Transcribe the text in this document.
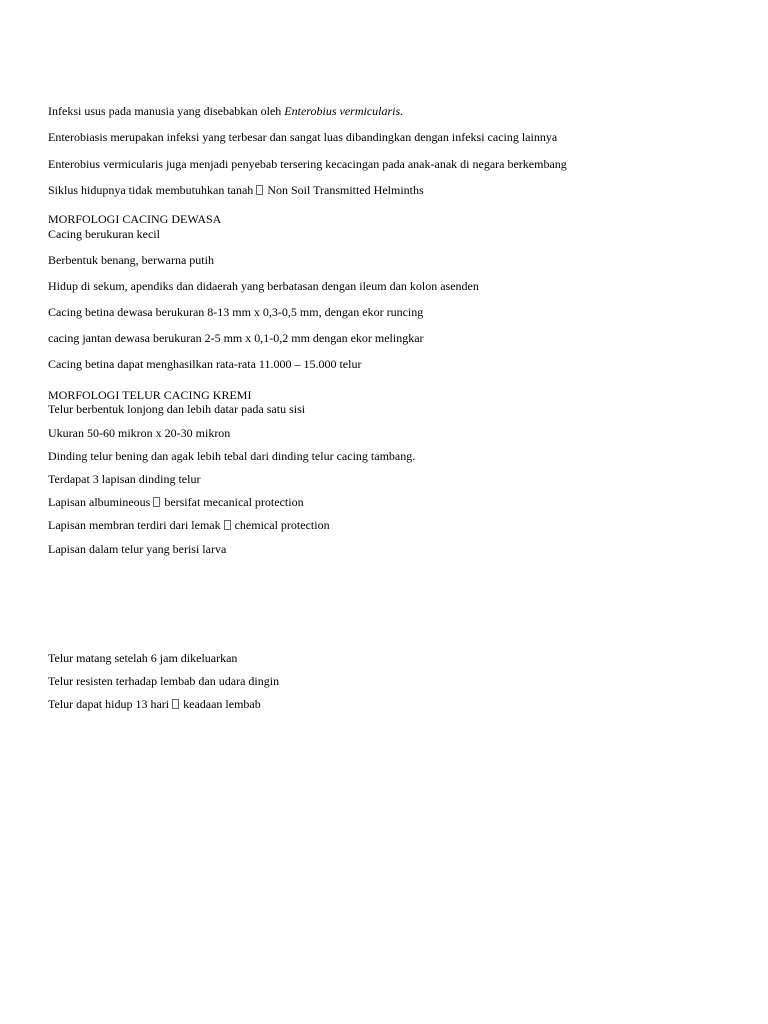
Infeksi usus pada manusia yang disebabkan oleh Enterobius vermicularis.
Enterobiasis merupakan infeksi yang terbesar dan sangat luas dibandingkan dengan infeksi cacing lainnya
Enterobius vermicularis juga menjadi penyebab tersering kecacingan pada anak-anak di negara berkembang
Siklus hidupnya tidak membutuhkan tanah Non Soil Transmitted Helminths
MORFOLOGI CACING DEWASA
Cacing berukuran kecil
Berbentuk benang, berwarna putih
Hidup di sekum, apendiks dan didaerah yang berbatasan dengan ileum dan kolon asenden
Cacing betina dewasa berukuran 8-13 mm x 0,3-0,5 mm, dengan ekor runcing
cacing jantan dewasa berukuran 2-5 mm x 0,1-0,2 mm dengan ekor melingkar
Cacing betina dapat menghasilkan rata-rata 11.000 – 15.000 telur
MORFOLOGI TELUR CACING KREMI
Telur berbentuk lonjong dan lebih datar pada satu sisi
Ukuran 50-60 mikron x 20-30 mikron
Dinding telur bening dan agak lebih tebal dari dinding telur cacing tambang.
Terdapat 3 lapisan dinding telur
Lapisan albumineous bersifat mecanical protection
Lapisan membran terdiri dari lemak chemical protection
Lapisan dalam telur yang berisi larva
Telur matang setelah 6 jam dikeluarkan
Telur resisten terhadap lembab dan udara dingin
Telur dapat hidup 13 hari keadaan lembab
